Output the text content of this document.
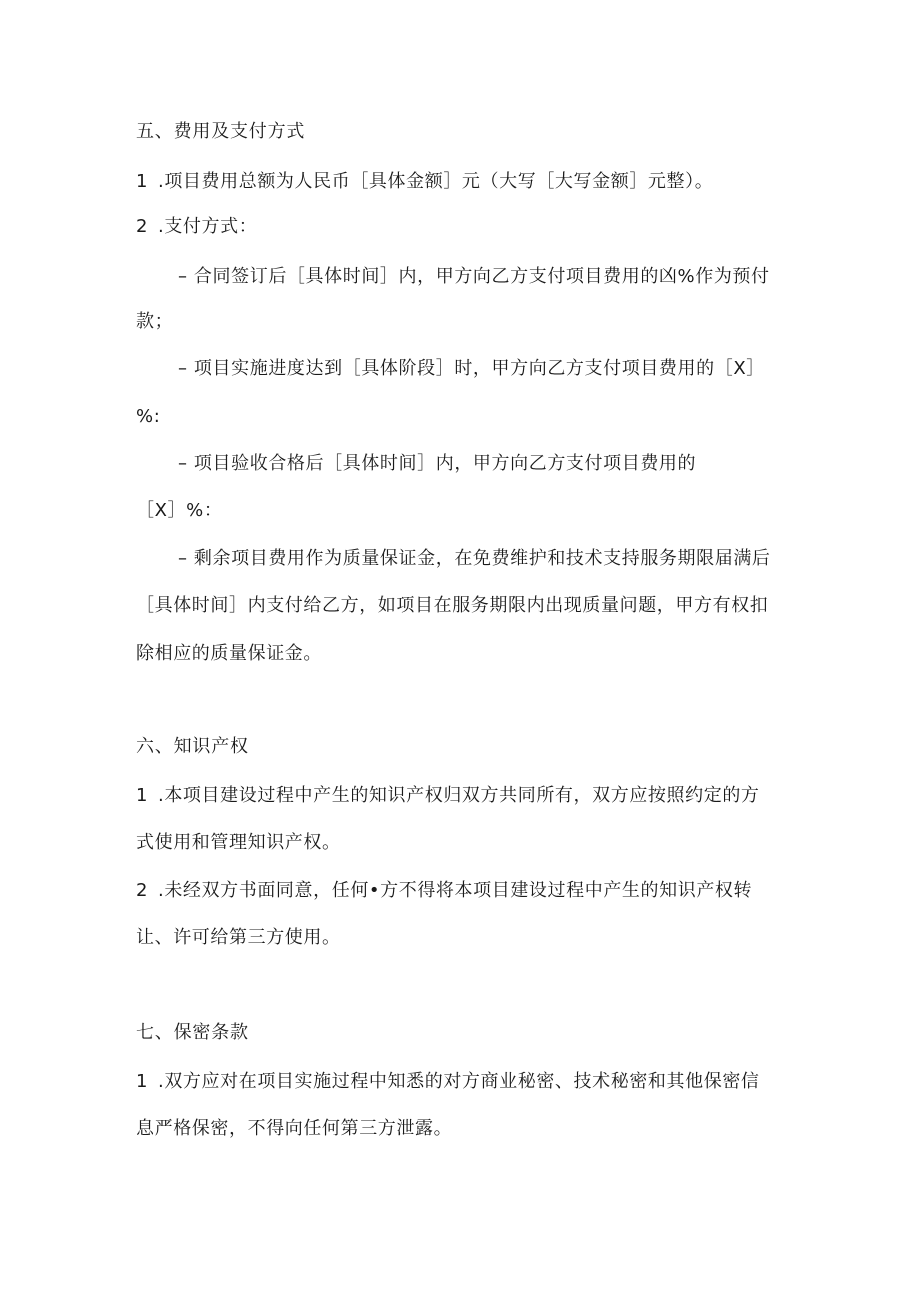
五、费用及支付方式
1 .项目费用总额为人民币［具体金额］元（大写［大写金额］元整）。
2 .支付方式：
– 合同签订后［具体时间］内，甲方向乙方支付项目费用的凶%作为预付
款；
– 项目实施进度达到［具体阶段］时，甲方向乙方支付项目费用的［X］
%:
– 项目验收合格后［具体时间］内，甲方向乙方支付项目费用的
［X］%：
– 剩余项目费用作为质量保证金，在免费维护和技术支持服务期限届满后
［具体时间］内支付给乙方，如项目在服务期限内出现质量问题，甲方有权扣
除相应的质量保证金。
六、知识产权
1 .本项目建设过程中产生的知识产权归双方共同所有，双方应按照约定的方
式使用和管理知识产权。
2 .未经双方书面同意，任何•方不得将本项目建设过程中产生的知识产权转
让、许可给第三方使用。
七、保密条款
1 .双方应对在项目实施过程中知悉的对方商业秘密、技术秘密和其他保密信
息严格保密，不得向任何第三方泄露。
